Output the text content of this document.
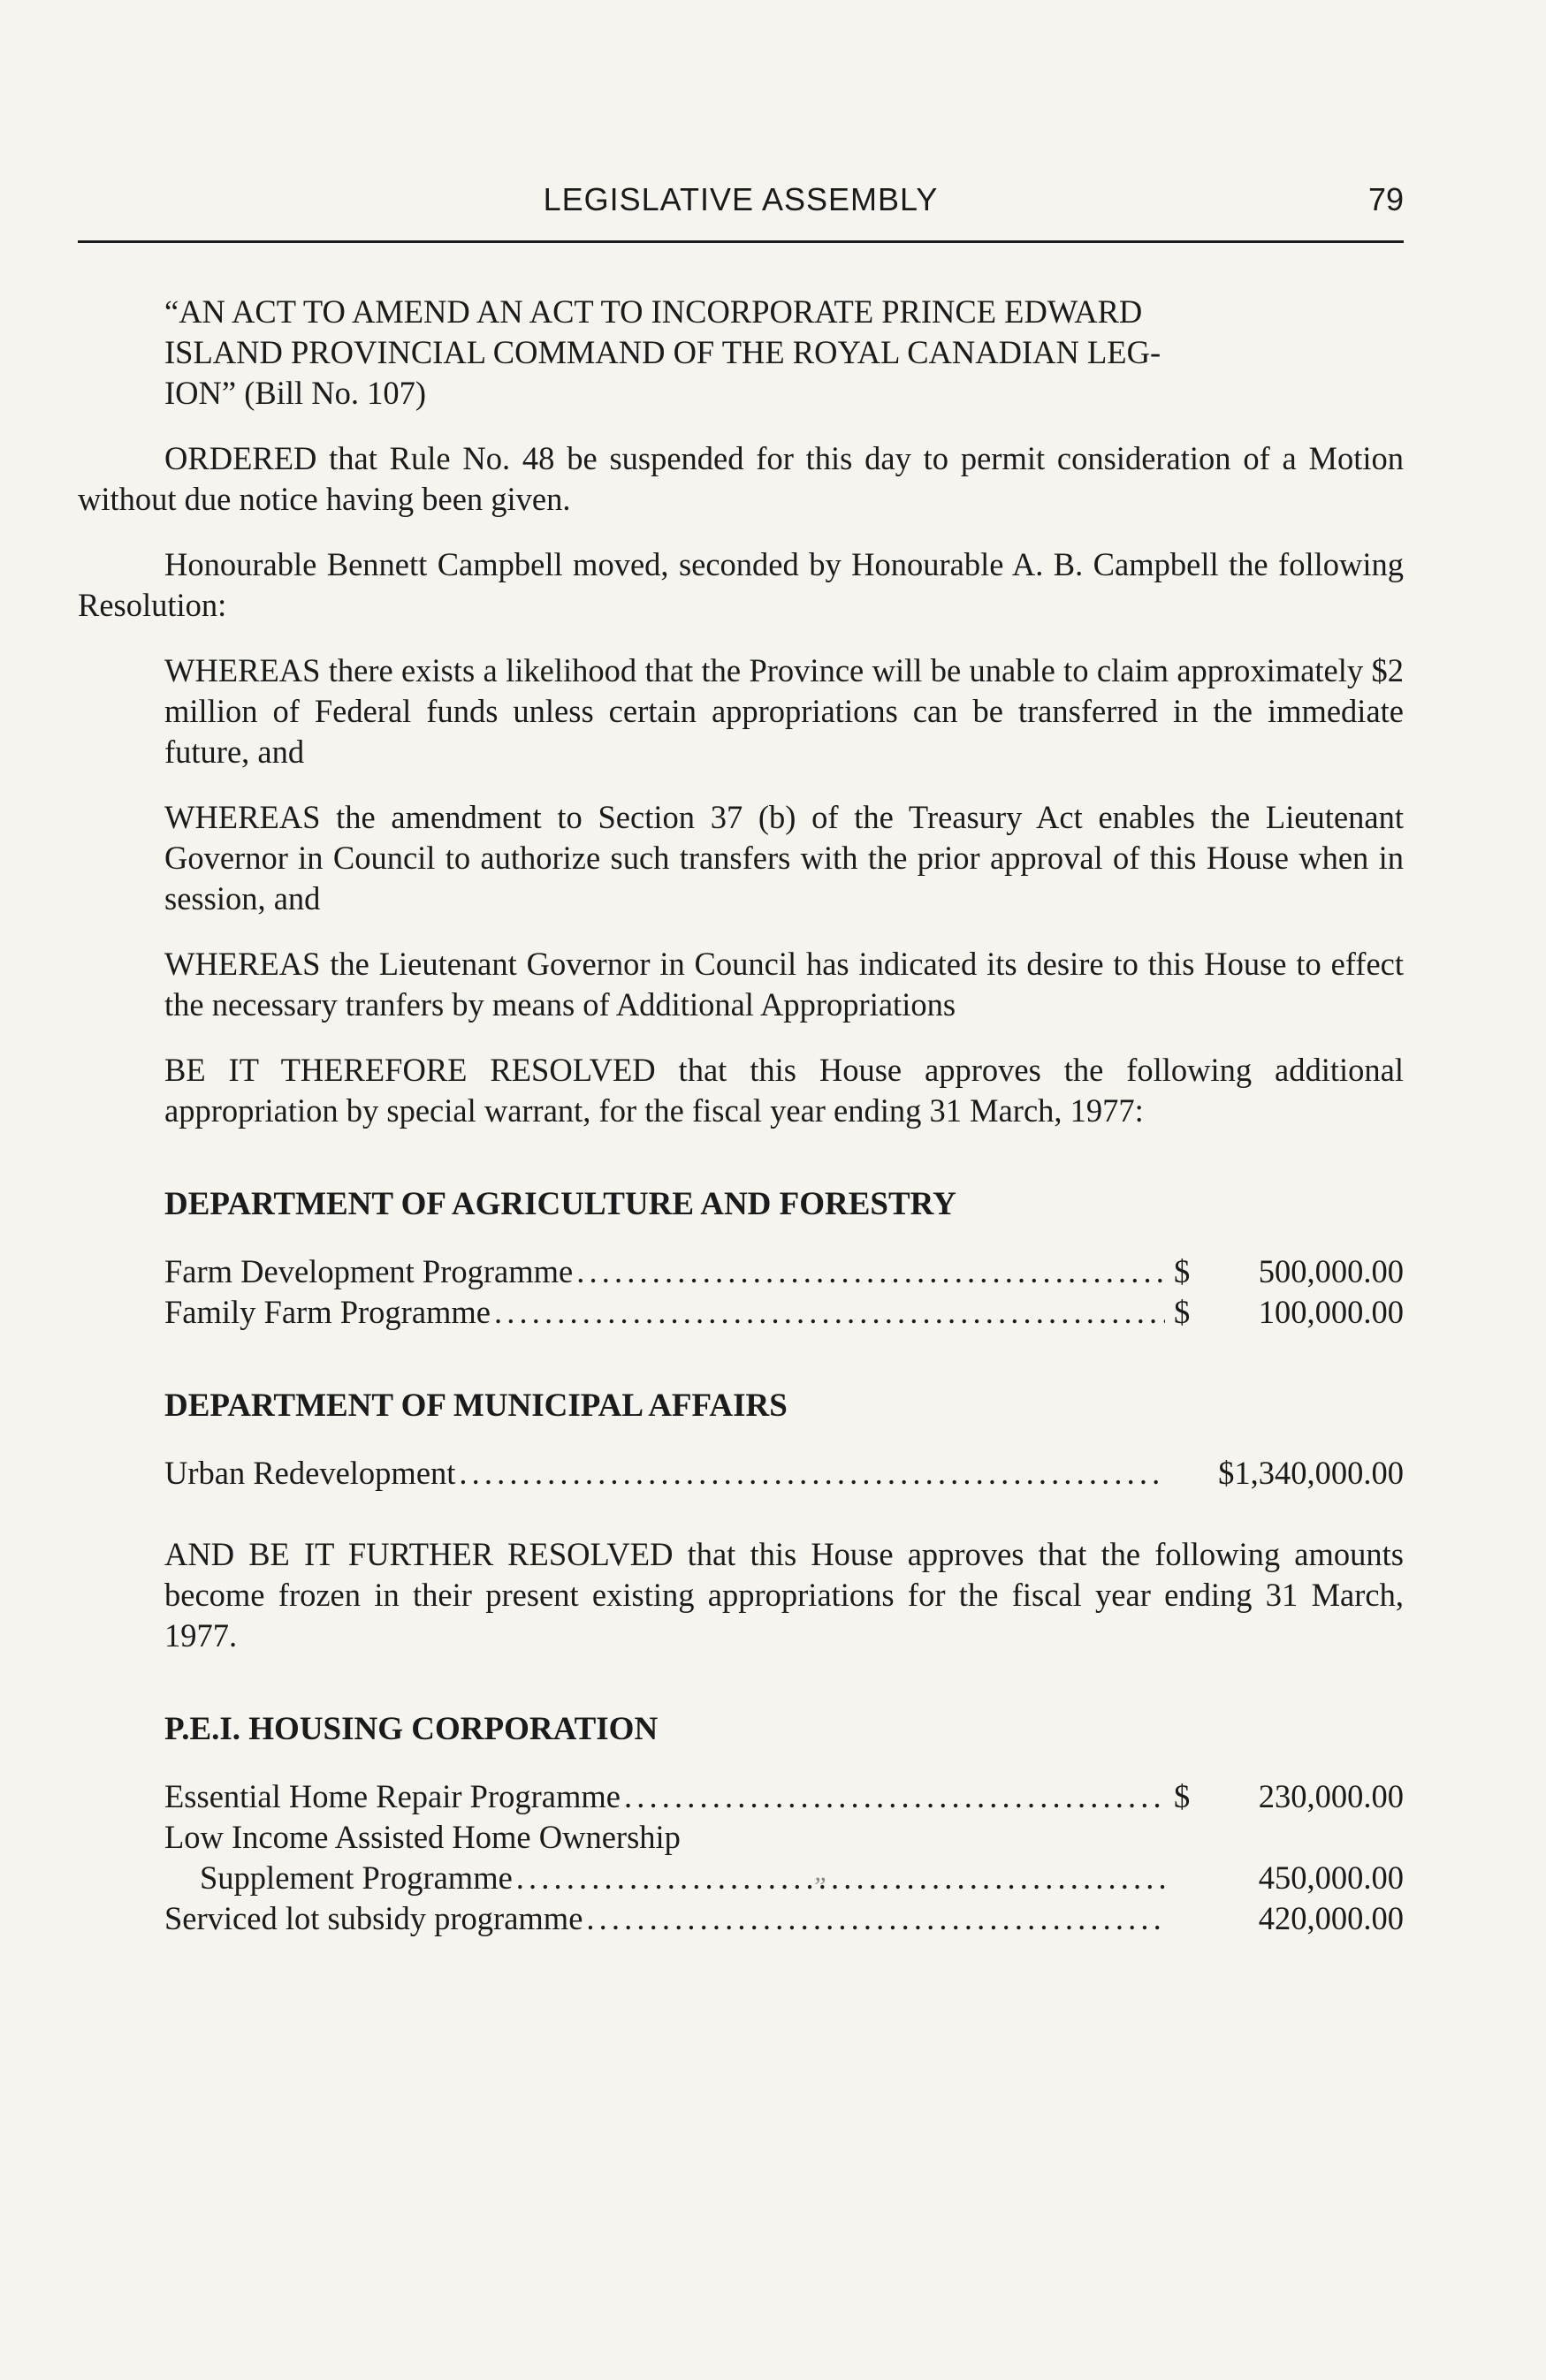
LEGISLATIVE ASSEMBLY	79
“AN ACT TO AMEND AN ACT TO INCORPORATE PRINCE EDWARD
ISLAND PROVINCIAL COMMAND OF THE ROYAL CANADIAN LEG-
ION” (Bill No. 107)

ORDERED that Rule No. 48 be suspended for this day to permit consideration of a Motion without due notice having been given.

Honourable Bennett Campbell moved, seconded by Honourable A. B. Campbell the following Resolution:

WHEREAS there exists a likelihood that the Province will be unable to claim approximately $2 million of Federal funds unless certain appropriations can be transferred in the immediate future, and

WHEREAS the amendment to Section 37 (b) of the Treasury Act enables the Lieutenant Governor in Council to authorize such transfers with the prior approval of this House when in session, and

WHEREAS the Lieutenant Governor in Council has indicated its desire to this House to effect the necessary tranfers by means of Additional Appropriations

BE IT THEREFORE RESOLVED that this House approves the following additional appropriation by special warrant, for the fiscal year ending 31 March, 1977:

DEPARTMENT OF AGRICULTURE AND FORESTRY
Farm Development Programme . . .	$	500,000.00
Family Farm Programme . . .	$	100,000.00
DEPARTMENT OF MUNICIPAL AFFAIRS
Urban Redevelopment . . .	$1,340,000.00

AND BE IT FURTHER RESOLVED that this House approves that the following amounts become frozen in their present existing appropriations for the fiscal year ending 31 March, 1977.

P.E.I. HOUSING CORPORATION
Essential Home Repair Programme . . .	$	230,000.00
Low Income Assisted Home Ownership
Supplement Programme . . .	450,000.00
Serviced lot subsidy programme . . .	420,000.00
”
